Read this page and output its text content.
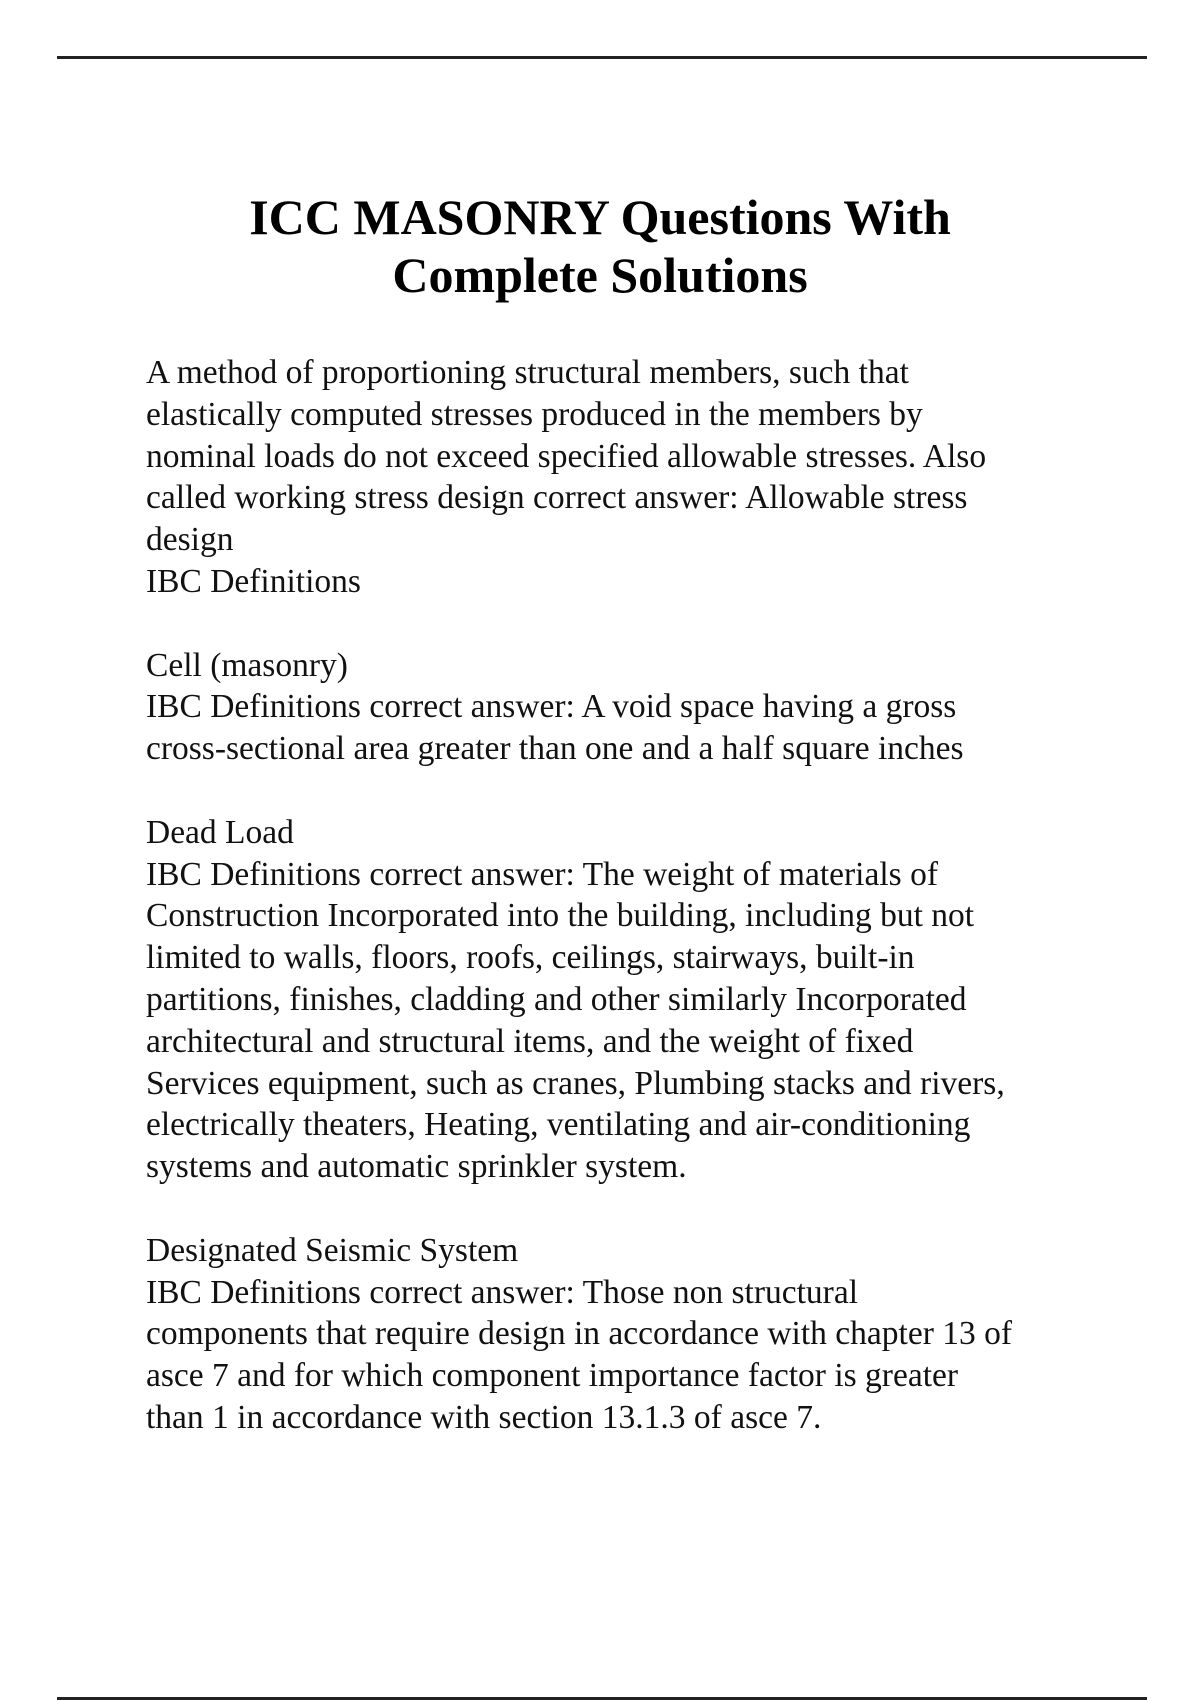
ICC MASONRY Questions With
Complete Solutions
A method of proportioning structural members, such that
elastically computed stresses produced in the members by
nominal loads do not exceed specified allowable stresses. Also
called working stress design correct answer: Allowable stress
design
IBC Definitions
Cell (masonry)
IBC Definitions correct answer: A void space having a gross
cross-sectional area greater than one and a half square inches
Dead Load
IBC Definitions correct answer: The weight of materials of
Construction Incorporated into the building, including but not
limited to walls, floors, roofs, ceilings, stairways, built-in
partitions, finishes, cladding and other similarly Incorporated
architectural and structural items, and the weight of fixed
Services equipment, such as cranes, Plumbing stacks and rivers,
electrically theaters, Heating, ventilating and air-conditioning
systems and automatic sprinkler system.
Designated Seismic System
IBC Definitions correct answer: Those non structural
components that require design in accordance with chapter 13 of
asce 7 and for which component importance factor is greater
than 1 in accordance with section 13.1.3 of asce 7.
